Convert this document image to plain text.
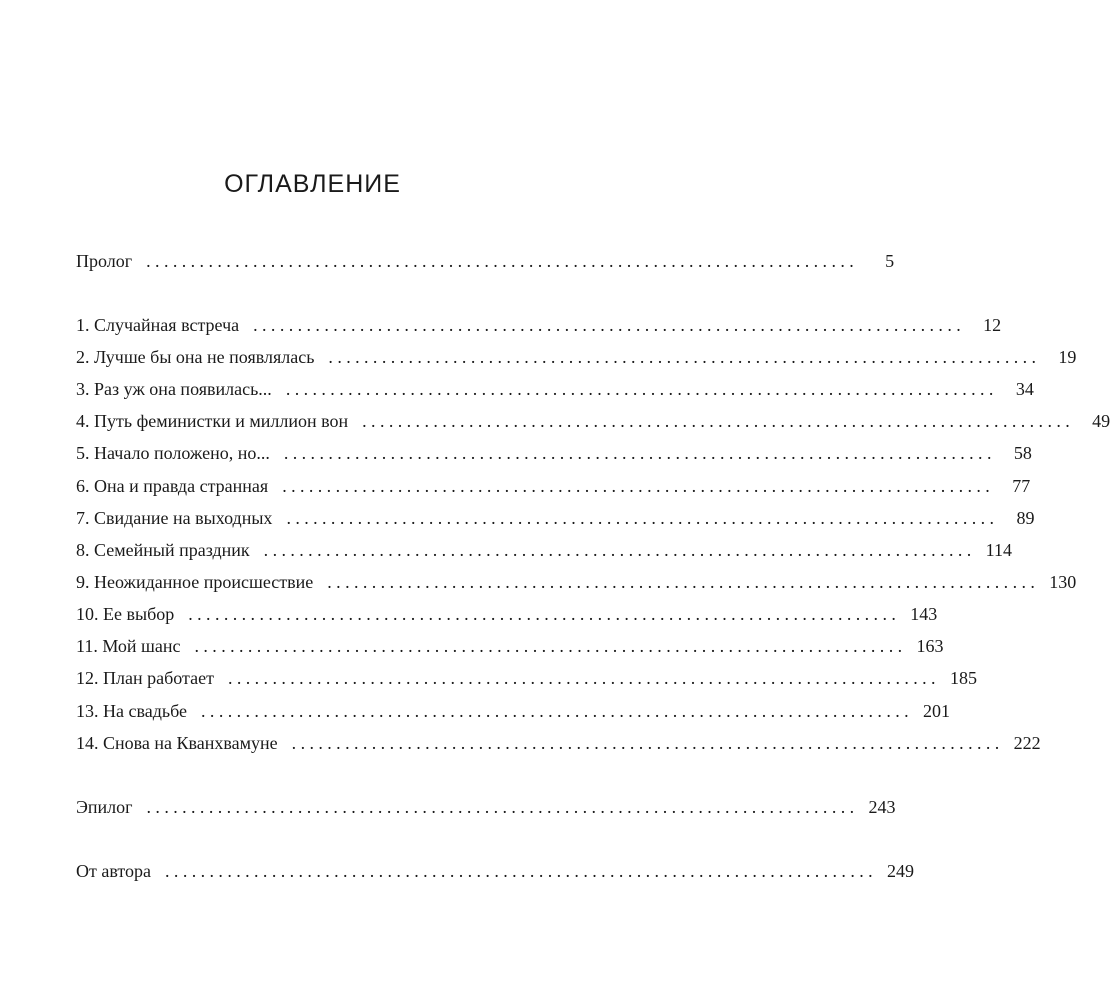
ОГЛАВЛЕНИЕ
Пролог ................................................................................	5
1. Случайная встреча ................................................................................	12
2. Лучше бы она не появлялась ................................................................................	19
3. Раз уж она появилась... ................................................................................	34
4. Путь феминистки и миллион вон ................................................................................	49
5. Начало положено, но... ................................................................................	58
6. Она и правда странная ................................................................................	77
7. Свидание на выходных ................................................................................	89
8. Семейный праздник ................................................................................ 114
9. Неожиданное происшествие ................................................................................ 130
10. Ее выбор ................................................................................ 143
11. Мой шанс ................................................................................ 163
12. План работает ................................................................................ 185
13. На свадьбе ................................................................................ 201
14. Снова на Кванхвамуне ................................................................................ 222
Эпилог ................................................................................ 243
От автора ................................................................................ 249
